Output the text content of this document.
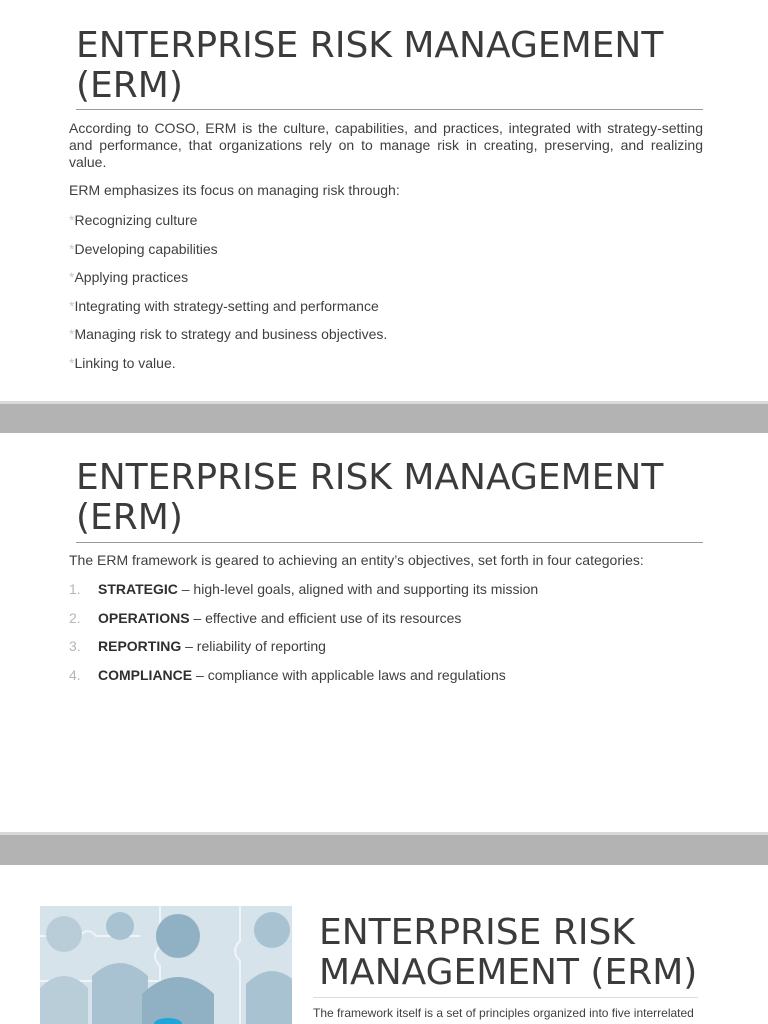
ENTERPRISE RISK MANAGEMENT (ERM)

According to COSO, ERM is the culture, capabilities, and practices, integrated with strategy-setting and performance, that organizations rely on to manage risk in creating, preserving, and realizing value.

ERM emphasizes its focus on managing risk through:

*Recognizing culture
*Developing capabilities
*Applying practices
*Integrating with strategy-setting and performance
*Managing risk to strategy and business objectives.
*Linking to value.
ENTERPRISE RISK MANAGEMENT (ERM)

The ERM framework is geared to achieving an entity’s objectives, set forth in four categories:

1. STRATEGIC – high-level goals, aligned with and supporting its mission
2. OPERATIONS – effective and efficient use of its resources
3. REPORTING – reliability of reporting
4. COMPLIANCE – compliance with applicable laws and regulations
ENTERPRISE RISK
MANAGEMENT (ERM)

The framework itself is a set of principles organized into five interrelated
